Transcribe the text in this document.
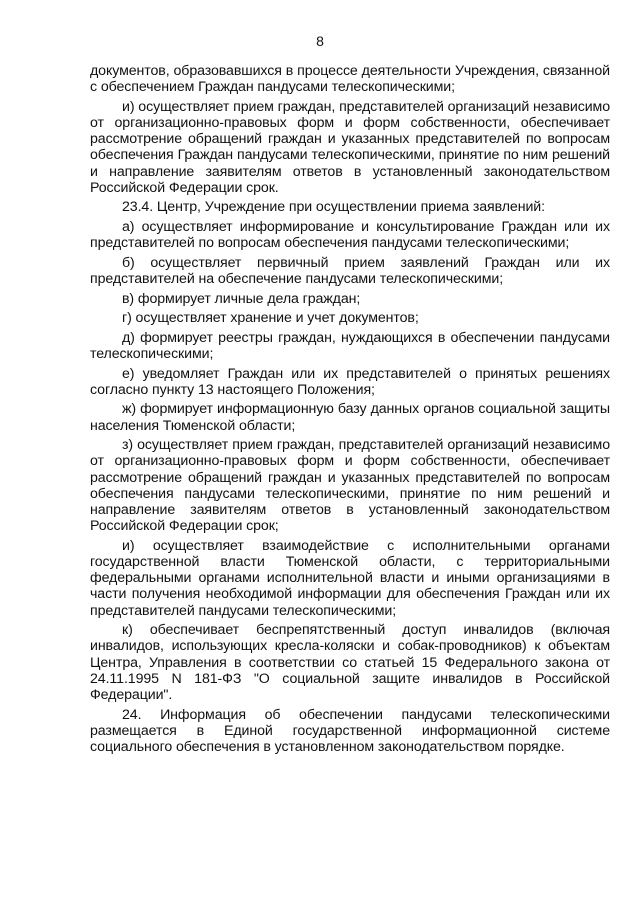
8

документов, образовавшихся в процессе деятельности Учреждения, связанной с обеспечением Граждан пандусами телескопическими;

и) осуществляет прием граждан, представителей организаций независимо от организационно-правовых форм и форм собственности, обеспечивает рассмотрение обращений граждан и указанных представителей по вопросам обеспечения Граждан пандусами телескопическими, принятие по ним решений и направление заявителям ответов в установленный законодательством Российской Федерации срок.

23.4. Центр, Учреждение при осуществлении приема заявлений:

а) осуществляет информирование и консультирование Граждан или их представителей по вопросам обеспечения пандусами телескопическими;

б) осуществляет первичный прием заявлений Граждан или их представителей на обеспечение пандусами телескопическими;

в) формирует личные дела граждан;

г) осуществляет хранение и учет документов;

д) формирует реестры граждан, нуждающихся в обеспечении пандусами телескопическими;

е) уведомляет Граждан или их представителей о принятых решениях согласно пункту 13 настоящего Положения;

ж) формирует информационную базу данных органов социальной защиты населения Тюменской области;

з) осуществляет прием граждан, представителей организаций независимо от организационно-правовых форм и форм собственности, обеспечивает рассмотрение обращений граждан и указанных представителей по вопросам обеспечения пандусами телескопическими, принятие по ним решений и направление заявителям ответов в установленный законодательством Российской Федерации срок;

и) осуществляет взаимодействие с исполнительными органами государственной власти Тюменской области, с территориальными федеральными органами исполнительной власти и иными организациями в части получения необходимой информации для обеспечения Граждан или их представителей пандусами телескопическими;

к) обеспечивает беспрепятственный доступ инвалидов (включая инвалидов, использующих кресла-коляски и собак-проводников) к объектам Центра, Управления в соответствии со статьей 15 Федерального закона от 24.11.1995 N 181-ФЗ "О социальной защите инвалидов в Российской Федерации".

24. Информация об обеспечении пандусами телескопическими размещается в Единой государственной информационной системе социального обеспечения в установленном законодательством порядке.
